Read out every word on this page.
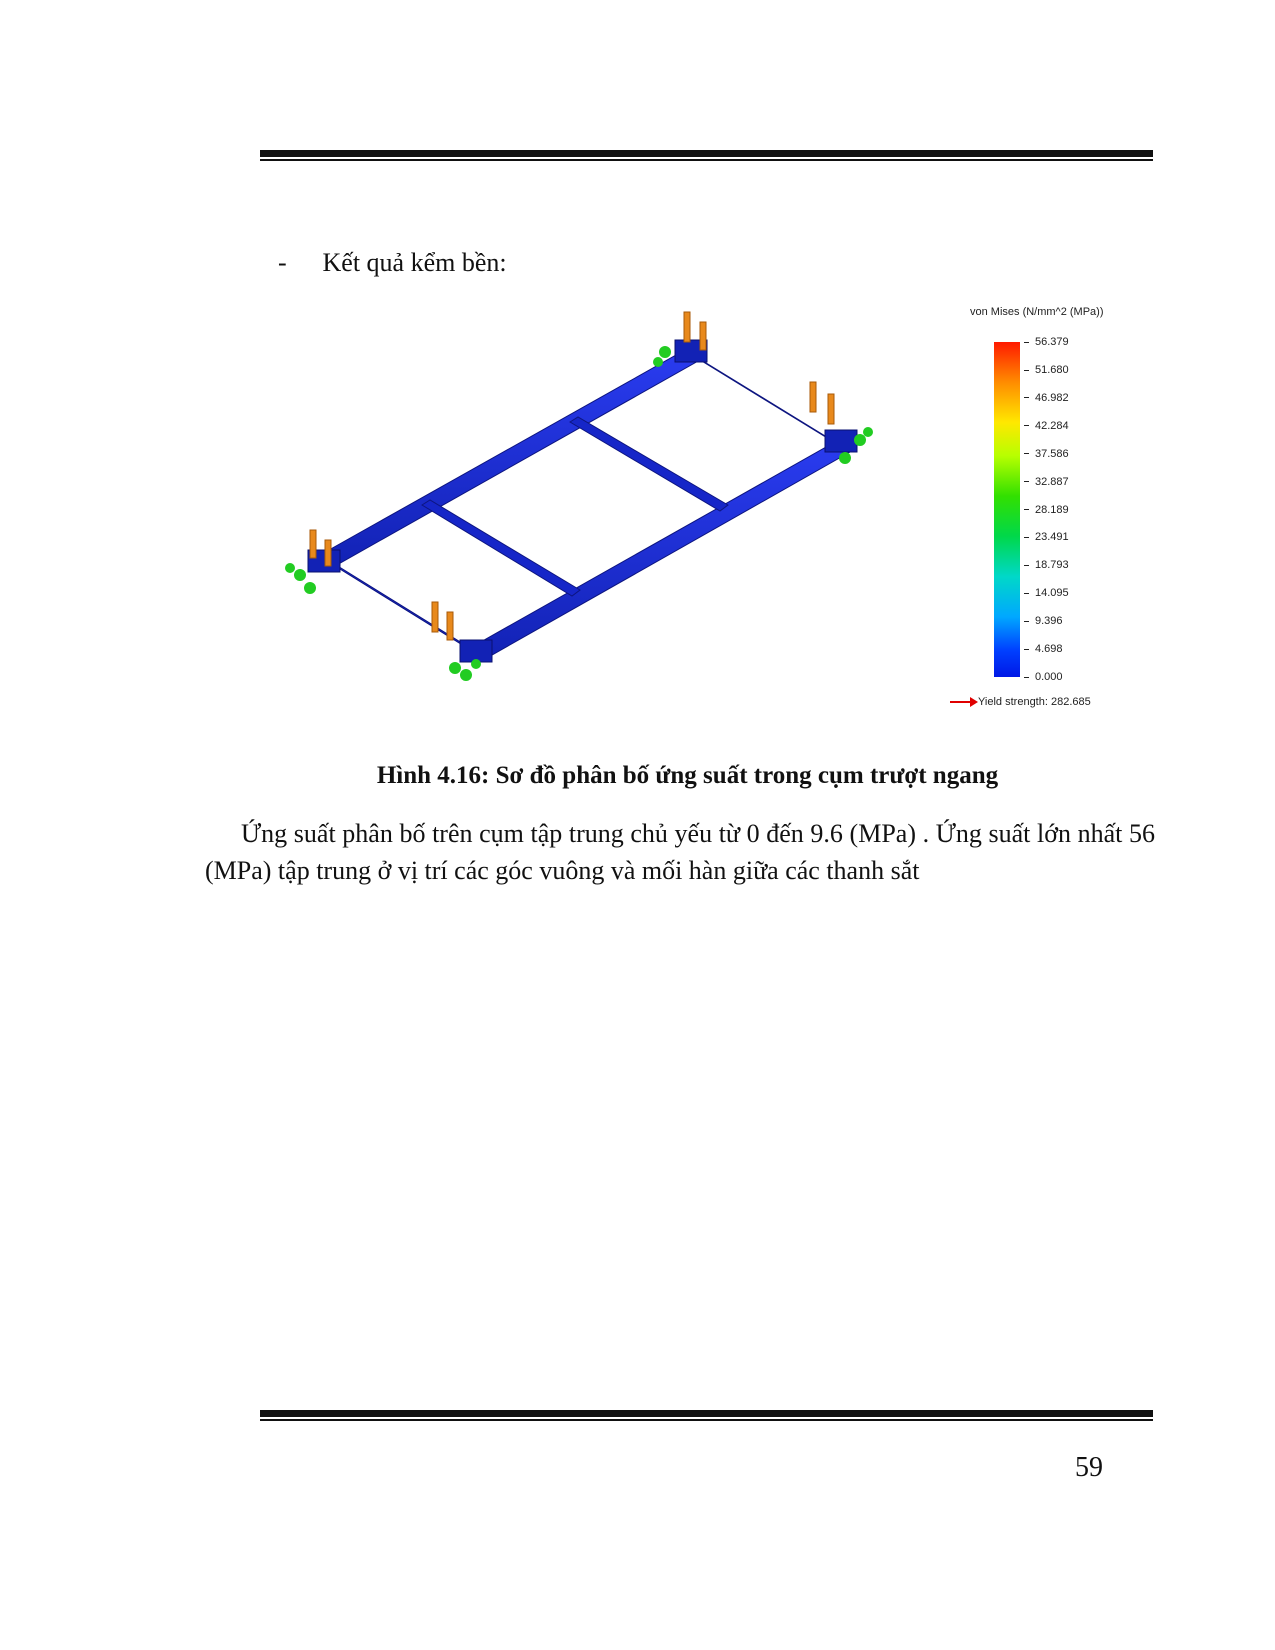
- Kết quả kểm bền:
von Mises (N/mm^2 (MPa))
56.379
51.680
46.982
42.284
37.586
32.887
28.189
23.491
18.793
14.095
9.396
4.698
0.000
→ Yield strength: 282.685
Hình 4.16: Sơ đồ phân bố ứng suất trong cụm trượt ngang

Ứng suất phân bố trên cụm tập trung chủ yếu từ 0 đến 9.6 (MPa) . Ứng suất lớn nhất 56 (MPa) tập trung ở vị trí các góc vuông và mối hàn giữa các thanh sắt

59
